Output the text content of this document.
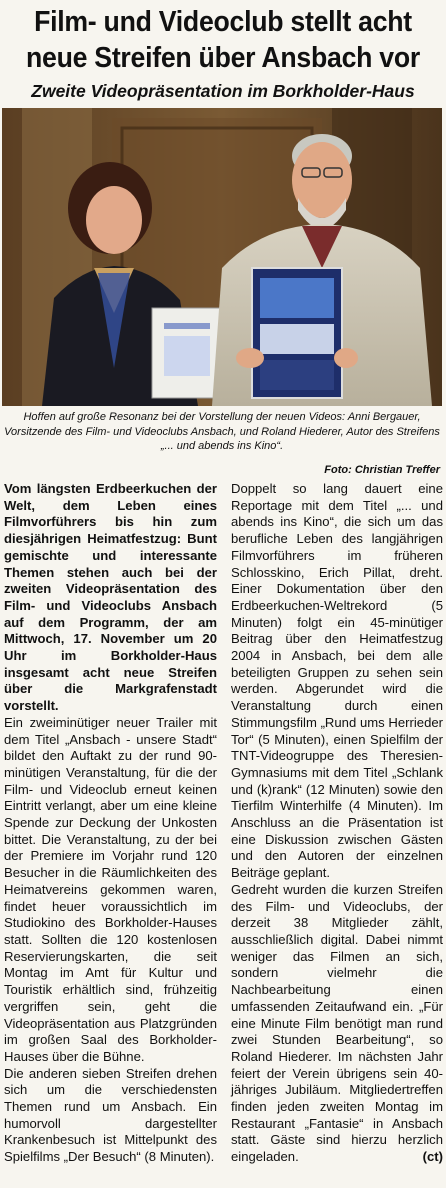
Film- und Videoclub stellt acht
neue Streifen über Ansbach vor
Zweite Videopräsentation im Borkholder-Haus
Hoffen auf große Resonanz bei der Vorstellung der neuen Videos: Anni Bergauer, Vorsitzende des Film- und Videoclubs Ansbach, und Roland Hiederer, Autor des Streifens „... und abends ins Kino“.
Foto: Christian Treffer

Vom längsten Erdbeerkuchen der Welt, dem Leben eines Filmvorführers bis hin zum diesjährigen Heimatfestzug: Bunt gemischte und interessante Themen stehen auch bei der zweiten Videopräsentation des Film- und Videoclubs Ansbach auf dem Programm, der am Mittwoch, 17. November um 20 Uhr im Borkholder-Haus insgesamt acht neue Streifen über die Markgrafenstadt vorstellt.

Ein zweiminütiger neuer Trailer mit dem Titel „Ansbach - unsere Stadt“ bildet den Auftakt zu der rund 90-minütigen Veranstaltung, für die der Film- und Videoclub erneut keinen Eintritt verlangt, aber um eine kleine Spende zur Deckung der Unkosten bittet. Die Veranstaltung, zu der bei der Premiere im Vorjahr rund 120 Besucher in die Räumlichkeiten des Heimatvereins gekommen waren, findet heuer voraussichtlich im Studiokino des Borkholder-Hauses statt. Sollten die 120 kostenlosen Reservierungskarten, die seit Montag im Amt für Kultur und Touristik erhältlich sind, frühzeitig vergriffen sein, geht die Videopräsentation aus Platzgründen im großen Saal des Borkholder-Hauses über die Bühne.

Die anderen sieben Streifen drehen sich um die verschiedensten Themen rund um Ansbach. Ein humorvoll dargestellter Krankenbesuch ist Mittelpunkt des Spielfilms „Der Besuch“ (8 Minuten).

Doppelt so lang dauert eine Reportage mit dem Titel „... und abends ins Kino“, die sich um das berufliche Leben des langjährigen Filmvorführers im früheren Schlosskino, Erich Pillat, dreht. Einer Dokumentation über den Erdbeerkuchen-Weltrekord (5 Minuten) folgt ein 45-minütiger Beitrag über den Heimatfestzug 2004 in Ansbach, bei dem alle beteiligten Gruppen zu sehen sein werden. Abgerundet wird die Veranstaltung durch einen Stimmungsfilm „Rund ums Herrieder Tor“ (5 Minuten), einen Spielfilm der TNT-Videogruppe des Theresien-Gymnasiums mit dem Titel „Schlank und (k)rank“ (12 Minuten) sowie den Tierfilm Winterhilfe (4 Minuten). Im Anschluss an die Präsentation ist eine Diskussion zwischen Gästen und den Autoren der einzelnen Beiträge geplant.

Gedreht wurden die kurzen Streifen des Film- und Videoclubs, der derzeit 38 Mitglieder zählt, ausschließlich digital. Dabei nimmt weniger das Filmen an sich, sondern vielmehr die Nachbearbeitung einen umfassenden Zeitaufwand ein. „Für eine Minute Film benötigt man rund zwei Stunden Bearbeitung“, so Roland Hiederer. Im nächsten Jahr feiert der Verein übrigens sein 40-jähriges Jubiläum. Mitgliedertreffen finden jeden zweiten Montag im Restaurant „Fantasie“ in Ansbach statt. Gäste sind hierzu herzlich eingeladen.	(ct)
